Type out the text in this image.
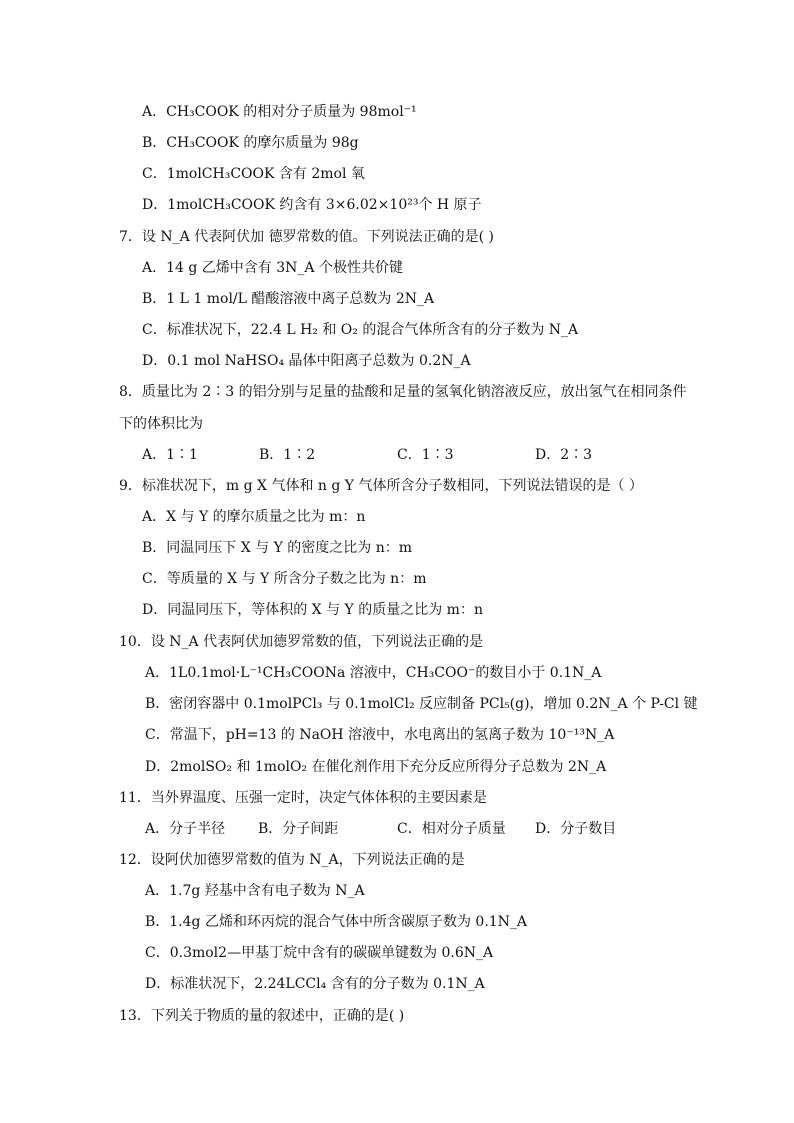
A．CH₃COOK 的相对分子质量为 98mol⁻¹
B．CH₃COOK 的摩尔质量为 98g
C．1molCH₃COOK 含有 2mol 氧
D．1molCH₃COOK 约含有 3×6.02×10²³个 H 原子
7．设 N_A 代表阿伏加 德罗常数的值。下列说法正确的是( )
A．14 g 乙烯中含有 3N_A 个极性共价键
B．1 L 1 mol/L 醋酸溶液中离子总数为 2N_A
C．标准状况下，22.4 L H₂ 和 O₂ 的混合气体所含有的分子数为 N_A
D．0.1 mol NaHSO₄ 晶体中阳离子总数为 0.2N_A
8．质量比为 2∶3 的铝分别与足量的盐酸和足量的氢氧化钠溶液反应，放出氢气在相同条件
下的体积比为
A．1∶1	B．1∶2	C．1∶3	D．2∶3
9．标准状况下，m g X 气体和 n g Y 气体所含分子数相同，下列说法错误的是（ ）
A．X 与 Y 的摩尔质量之比为 m：n
B．同温同压下 X 与 Y 的密度之比为 n：m
C．等质量的 X 与 Y 所含分子数之比为 n：m
D．同温同压下，等体积的 X 与 Y 的质量之比为 m：n
10．设 N_A 代表阿伏加德罗常数的值，下列说法正确的是
A．1L0.1mol·L⁻¹CH₃COONa 溶液中，CH₃COO⁻的数目小于 0.1N_A
B．密闭容器中 0.1molPCl₃ 与 0.1molCl₂ 反应制备 PCl₅(g)，增加 0.2N_A 个 P-Cl 键
C．常温下，pH=13 的 NaOH 溶液中，水电离出的氢离子数为 10⁻¹³N_A
D．2molSO₂ 和 1molO₂ 在催化剂作用下充分反应所得分子总数为 2N_A
11．当外界温度、压强一定时，决定气体体积的主要因素是
A．分子半径 B．分子间距	C．相对分子质量 D．分子数目
12．设阿伏加德罗常数的值为 N_A，下列说法正确的是
A．1.7g 羟基中含有电子数为 N_A
B．1.4g 乙烯和环丙烷的混合气体中所含碳原子数为 0.1N_A
C．0.3mol2—甲基丁烷中含有的碳碳单键数为 0.6N_A
D．标准状况下，2.24LCCl₄ 含有的分子数为 0.1N_A
13．下列关于物质的量的叙述中，正确的是( )
